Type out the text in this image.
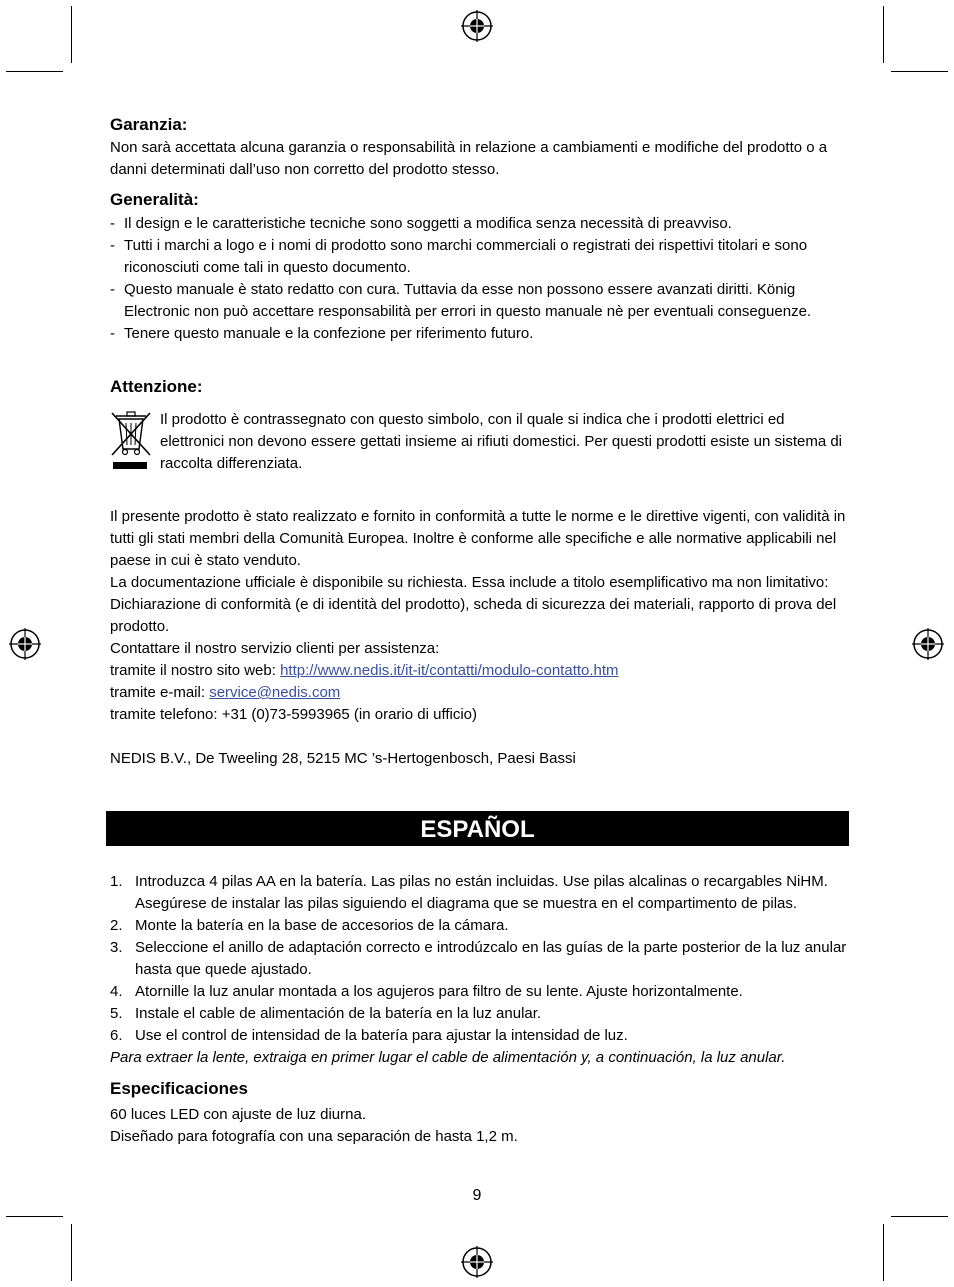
Garanzia:

Non sarà accettata alcuna garanzia o responsabilità in relazione a cambiamenti e modifiche del prodotto o a danni determinati dall’uso non corretto del prodotto stesso.

Generalità:
- Il design e le caratteristiche tecniche sono soggetti a modifica senza necessità di preavviso.
- Tutti i marchi a logo e i nomi di prodotto sono marchi commerciali o registrati dei rispettivi titolari e sono riconosciuti come tali in questo documento.
- Questo manuale è stato redatto con cura. Tuttavia da esse non possono essere avanzati diritti. König Electronic non può accettare responsabilità per errori in questo manuale nè per eventuali conseguenze.
- Tenere questo manuale e la confezione per riferimento futuro.
Attenzione:

Il prodotto è contrassegnato con questo simbolo, con il quale si indica che i prodotti elettrici ed elettronici non devono essere gettati insieme ai rifiuti domestici. Per questi prodotti esiste un sistema di raccolta differenziata.

Il presente prodotto è stato realizzato e fornito in conformità a tutte le norme e le direttive vigenti, con validità in tutti gli stati membri della Comunità Europea. Inoltre è conforme alle specifiche e alle normative applicabili nel paese in cui è stato venduto.

La documentazione ufficiale è disponibile su richiesta. Essa include a titolo esemplificativo ma non limitativo: Dichiarazione di conformità (e di identità del prodotto), scheda di sicurezza dei materiali, rapporto di prova del prodotto.

Contattare il nostro servizio clienti per assistenza:

tramite il nostro sito web: http://www.nedis.it/it-it/contatti/modulo-contatto.htm

tramite e-mail: service@nedis.com

tramite telefono: +31 (0)73-5993965 (in orario di ufficio)

NEDIS B.V., De Tweeling 28, 5215 MC ’s-Hertogenbosch, Paesi Bassi

ESPAÑOL
1. Introduzca 4 pilas AA en la batería. Las pilas no están incluidas. Use pilas alcalinas o recargables NiHM. Asegúrese de instalar las pilas siguiendo el diagrama que se muestra en el compartimento de pilas.
2. Monte la batería en la base de accesorios de la cámara.
3. Seleccione el anillo de adaptación correcto e introdúzcalo en las guías de la parte posterior de la luz anular hasta que quede ajustado.
4. Atornille la luz anular montada a los agujeros para filtro de su lente. Ajuste horizontalmente.
5. Instale el cable de alimentación de la batería en la luz anular.
6. Use el control de intensidad de la batería para ajustar la intensidad de luz.

Para extraer la lente, extraiga en primer lugar el cable de alimentación y, a continuación, la luz anular.

Especificaciones

60 luces LED con ajuste de luz diurna.

Diseñado para fotografía con una separación de hasta 1,2 m.

9
